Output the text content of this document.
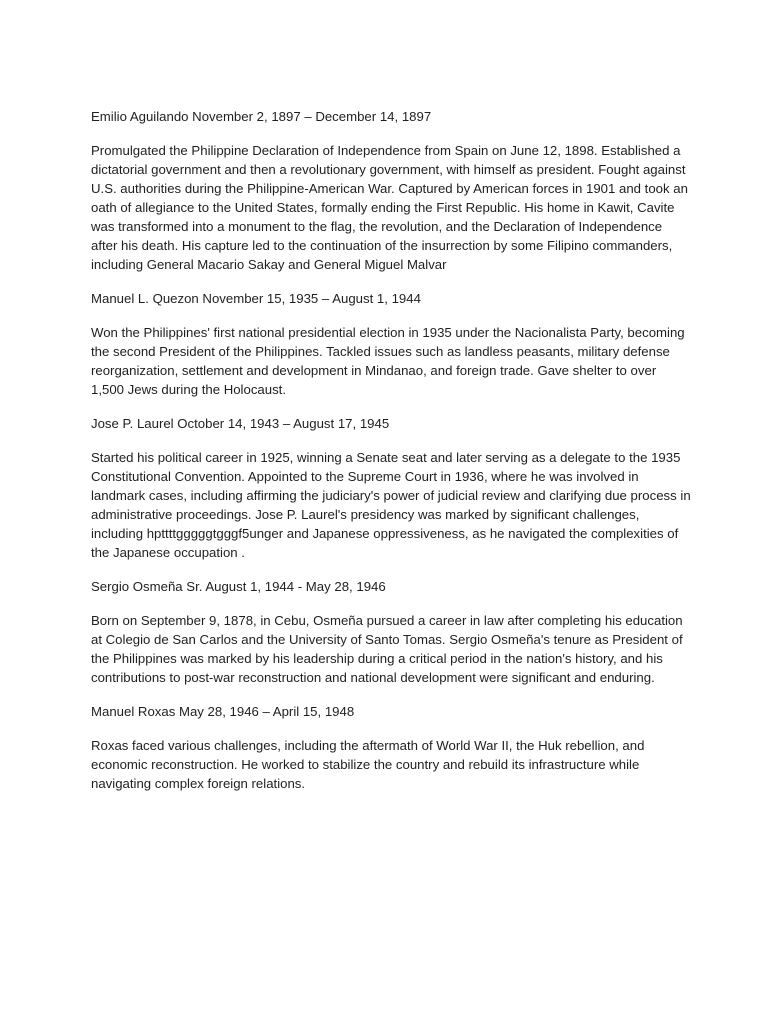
Emilio Aguilando November 2, 1897 – December 14, 1897

Promulgated the Philippine Declaration of Independence from Spain on June 12, 1898. Established a dictatorial government and then a revolutionary government, with himself as president. Fought against U.S. authorities during the Philippine-American War. Captured by American forces in 1901 and took an oath of allegiance to the United States, formally ending the First Republic. His home in Kawit, Cavite was transformed into a monument to the flag, the revolution, and the Declaration of Independence after his death. His capture led to the continuation of the insurrection by some Filipino commanders, including General Macario Sakay and General Miguel Malvar

Manuel L. Quezon November 15, 1935 – August 1, 1944

Won the Philippines' first national presidential election in 1935 under the Nacionalista Party, becoming the second President of the Philippines. Tackled issues such as landless peasants, military defense reorganization, settlement and development in Mindanao, and foreign trade. Gave shelter to over 1,500 Jews during the Holocaust.

Jose P. Laurel October 14, 1943 – August 17, 1945

Started his political career in 1925, winning a Senate seat and later serving as a delegate to the 1935 Constitutional Convention. Appointed to the Supreme Court in 1936, where he was involved in landmark cases, including affirming the judiciary's power of judicial review and clarifying due process in administrative proceedings. Jose P. Laurel's presidency was marked by significant challenges, including hpttttgggggtgggf5unger and Japanese oppressiveness, as he navigated the complexities of the Japanese occupation .

Sergio Osmeña Sr. August 1, 1944 - May 28, 1946

Born on September 9, 1878, in Cebu, Osmeña pursued a career in law after completing his education at Colegio de San Carlos and the University of Santo Tomas. Sergio Osmeña's tenure as President of the Philippines was marked by his leadership during a critical period in the nation's history, and his contributions to post-war reconstruction and national development were significant and enduring.

Manuel Roxas May 28, 1946 – April 15, 1948

Roxas faced various challenges, including the aftermath of World War II, the Huk rebellion, and economic reconstruction. He worked to stabilize the country and rebuild its infrastructure while navigating complex foreign relations.
